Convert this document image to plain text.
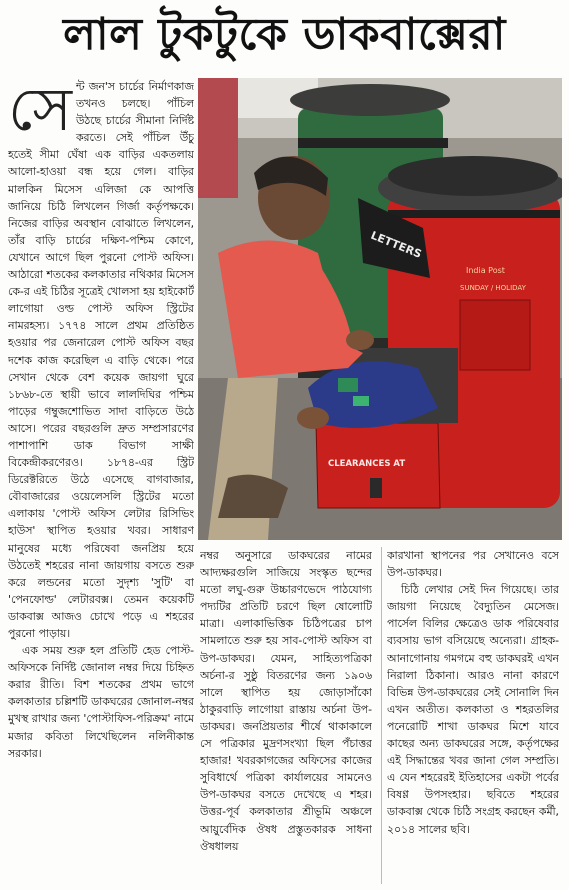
লাল টুকটুকে ডাকবাক্সেরা
সে ন্ট জন'স চার্চের নির্মাণকাজ তখনও চলছে। পাঁচিল উঠছে চার্চের সীমানা নির্দিষ্ট করতে। সেই পাঁচিল উঁচু হতেই সীমা ঘেঁষা এক বাড়ির একতলায় আলো-হাওয়া বন্ধ হয়ে গেল। বাড়ির মালকিন মিসেস এলিজা কে আপত্তি জানিয়ে চিঠি লিখলেন গির্জা কর্তৃপক্ষকে। নিজের বাড়ির অবস্থান বোঝাতে লিখলেন, তাঁর বাড়ি চার্চের দক্ষিণ-পশ্চিম কোণে, যেখানে আগে ছিল পুরনো পোস্ট অফিস। আঠারো শতকের কলকাতার নথিকার মিসেস কে-র এই চিঠির সূত্রেই খোলসা হয় হাইকোর্ট লাগোয়া ওল্ড পোস্ট অফিস স্ট্রিটের নামরহস্য। ১৭৭৪ সালে প্রথম প্রতিষ্ঠিত হওয়ার পর জেনারেল পোস্ট অফিস বছর দশেক কাজ করেছিল এ বাড়ি থেকে। পরে সেখান থেকে বেশ কয়েক জায়গা ঘুরে ১৮৬৮-তে স্থায়ী ভাবে লালদিঘির পশ্চিম পাড়ের গম্বুজশোভিত সাদা বাড়িতে উঠে আসে। পরের বছরগুলি দ্রুত সম্প্রসারণের পাশাপাশি ডাক বিভাগ সাক্ষী বিকেন্দ্রীকরণেরও। ১৮৭৪-এর স্ট্রিট ডিরেক্টরিতে উঠে এসেছে বাগবাজার, বৌবাজারের ওয়েলেসলি স্ট্রিটের মতো এলাকায় 'পোস্ট অফিস লেটার রিসিভিং হাউস' স্থাপিত হওয়ার খবর। সাধারণ মানুষের মধ্যে পরিষেবা জনপ্রিয় হয়ে উঠতেই শহরের নানা জায়গায় বসতে শুরু করে লন্ডনের মতো সুদৃশ্য 'সুটি' বা 'পেনফোল্ড' লেটারবক্স। তেমন কয়েকটি ডাকবাক্স আজও চোখে পড়ে এ শহরের পুরনো পাড়ায়।

এক সময় শুরু হল প্রতিটি হেড পোস্ট-অফিসকে নির্দিষ্ট জোনাল নম্বর দিয়ে চিহ্নিত করার রীতি। বিশ শতকের প্রথম ভাগে কলকাতার চল্লিশটি ডাকঘরের জোনাল-নম্বর মুখস্থ রাখার জন্য 'পোস্টাফিস-পরিক্রম' নামে মজার কবিতা লিখেছিলেন নলিনীকান্ত সরকার।

LETTERS
India Post
SUNDAY / HOLIDAY
CLEARANCES AT

নম্বর অনুসারে ডাকঘরের নামের আদ্যক্ষরগুলি সাজিয়ে সংস্কৃত ছন্দের মতো লঘু-গুরু উচ্চারণভেদে পাঠযোগ্য পদ্যটির প্রতিটি চরণে ছিল ষোলোটি মাত্রা। এলাকাভিত্তিক চিঠিপত্রের চাপ সামলাতে শুরু হয় সাব-পোস্ট অফিস বা উপ-ডাকঘর। যেমন, সাহিত্যপত্রিকা অর্চনা-র সুষ্ঠু বিতরণের জন্য ১৯০৬ সালে স্থাপিত হয় জোড়াসাঁকো ঠাকুরবাড়ি লাগোয়া রাস্তায় অর্চনা উপ-ডাকঘর। জনপ্রিয়তার শীর্ষে থাকাকালে সে পত্রিকার মুদ্রণসংখ্যা ছিল পঁচাত্তর হাজার! খবরকাগজের অফিসের কাজের সুবিধার্থে পত্রিকা কার্যালয়ের সামনেও উপ-ডাকঘর বসতে দেখেছে এ শহর। উত্তর-পূর্ব কলকাতার শ্রীভূমি অঞ্চলে আয়ুর্বেদিক ঔষধ প্রস্তুতকারক সাধনা ঔষধালয়

কারখানা স্থাপনের পর সেখানেও বসে উপ-ডাকঘর।

চিঠি লেখার সেই দিন গিয়েছে। তার জায়গা নিয়েছে বৈদ্যুতিন মেসেজ। পার্সেল বিলির ক্ষেত্রেও ডাক পরিষেবার ব্যবসায় ভাগ বসিয়েছে অন্যেরা। গ্রাহক-আনাগোনায় গমগমে বহু ডাকঘরই এখন নিরালা ঠিকানা। আরও নানা কারণে বিভিন্ন উপ-ডাকঘরের সেই সোনালি দিন এখন অতীত। কলকাতা ও শহরতলির পনেরোটি শাখা ডাকঘর মিশে যাবে কাছের অন্য ডাকঘরের সঙ্গে, কর্তৃপক্ষের এই সিদ্ধান্তের খবর জানা গেল সম্প্রতি। এ যেন শহরেরই ইতিহাসের একটা পর্বের বিষণ্ণ উপসংহার। ছবিতে শহরের ডাকবাক্স থেকে চিঠি সংগ্রহ করছেন কর্মী, ২০১৪ সালের ছবি।
